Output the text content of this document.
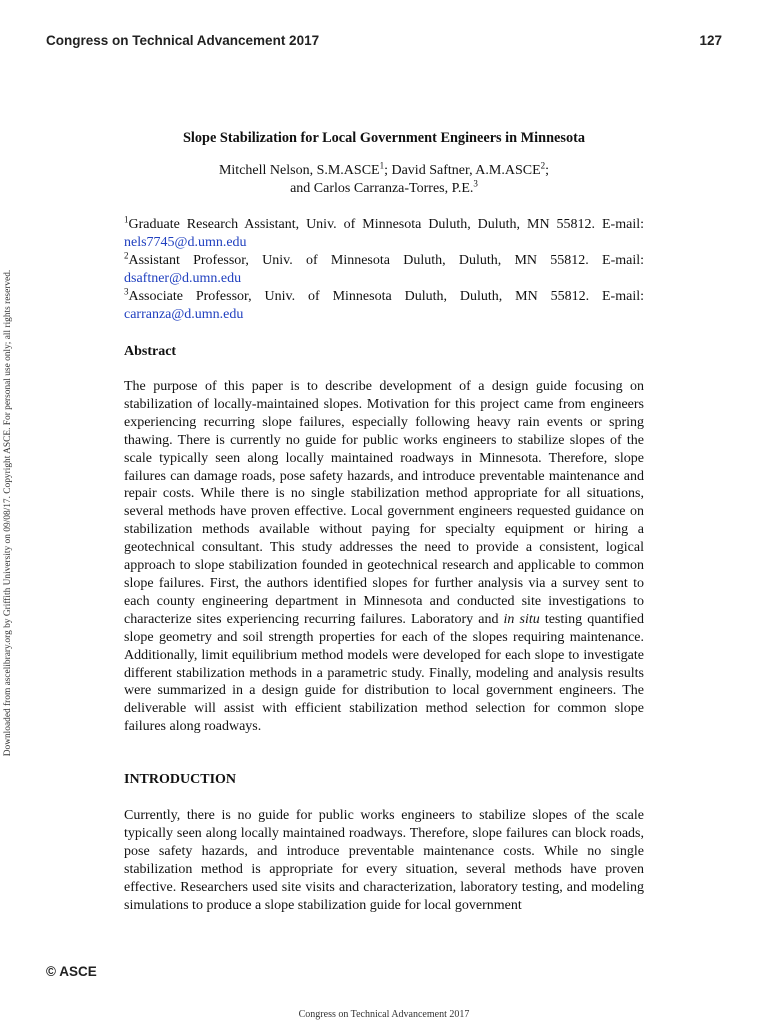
Congress on Technical Advancement 2017	127
Downloaded from ascelibrary.org by Griffith University on 09/08/17. Copyright ASCE. For personal use only; all rights reserved.
Slope Stabilization for Local Government Engineers in Minnesota

Mitchell Nelson, S.M.ASCE$^1$; David Saftner, A.M.ASCE$^2$;

and Carlos Carranza-Torres, P.E.$^3$

$^1$Graduate Research Assistant, Univ. of Minnesota Duluth, Duluth, MN 55812. E-mail: nels7745@d.umn.edu

$^2$Assistant Professor, Univ. of Minnesota Duluth, Duluth, MN 55812. E-mail: dsaftner@d.umn.edu

$^3$Associate Professor, Univ. of Minnesota Duluth, Duluth, MN 55812. E-mail: carranza@d.umn.edu

Abstract

The purpose of this paper is to describe development of a design guide focusing on stabilization of locally-maintained slopes. Motivation for this project came from engineers experiencing recurring slope failures, especially following heavy rain events or spring thawing. There is currently no guide for public works engineers to stabilize slopes of the scale typically seen along locally maintained roadways in Minnesota. Therefore, slope failures can damage roads, pose safety hazards, and introduce preventable maintenance and repair costs. While there is no single stabilization method appropriate for all situations, several methods have proven effective. Local government engineers requested guidance on stabilization methods available without paying for specialty equipment or hiring a geotechnical consultant. This study addresses the need to provide a consistent, logical approach to slope stabilization founded in geotechnical research and applicable to common slope failures. First, the authors identified slopes for further analysis via a survey sent to each county engineering department in Minnesota and conducted site investigations to characterize sites experiencing recurring failures. Laboratory and in situ testing quantified slope geometry and soil strength properties for each of the slopes requiring maintenance. Additionally, limit equilibrium method models were developed for each slope to investigate different stabilization methods in a parametric study. Finally, modeling and analysis results were summarized in a design guide for distribution to local government engineers. The deliverable will assist with efficient stabilization method selection for common slope failures along roadways.

INTRODUCTION

Currently, there is no guide for public works engineers to stabilize slopes of the scale typically seen along locally maintained roadways. Therefore, slope failures can block roads, pose safety hazards, and introduce preventable maintenance costs. While no single stabilization method is appropriate for every situation, several methods have proven effective. Researchers used site visits and characterization, laboratory testing, and modeling simulations to produce a slope stabilization guide for local government

© ASCE
Congress on Technical Advancement 2017
